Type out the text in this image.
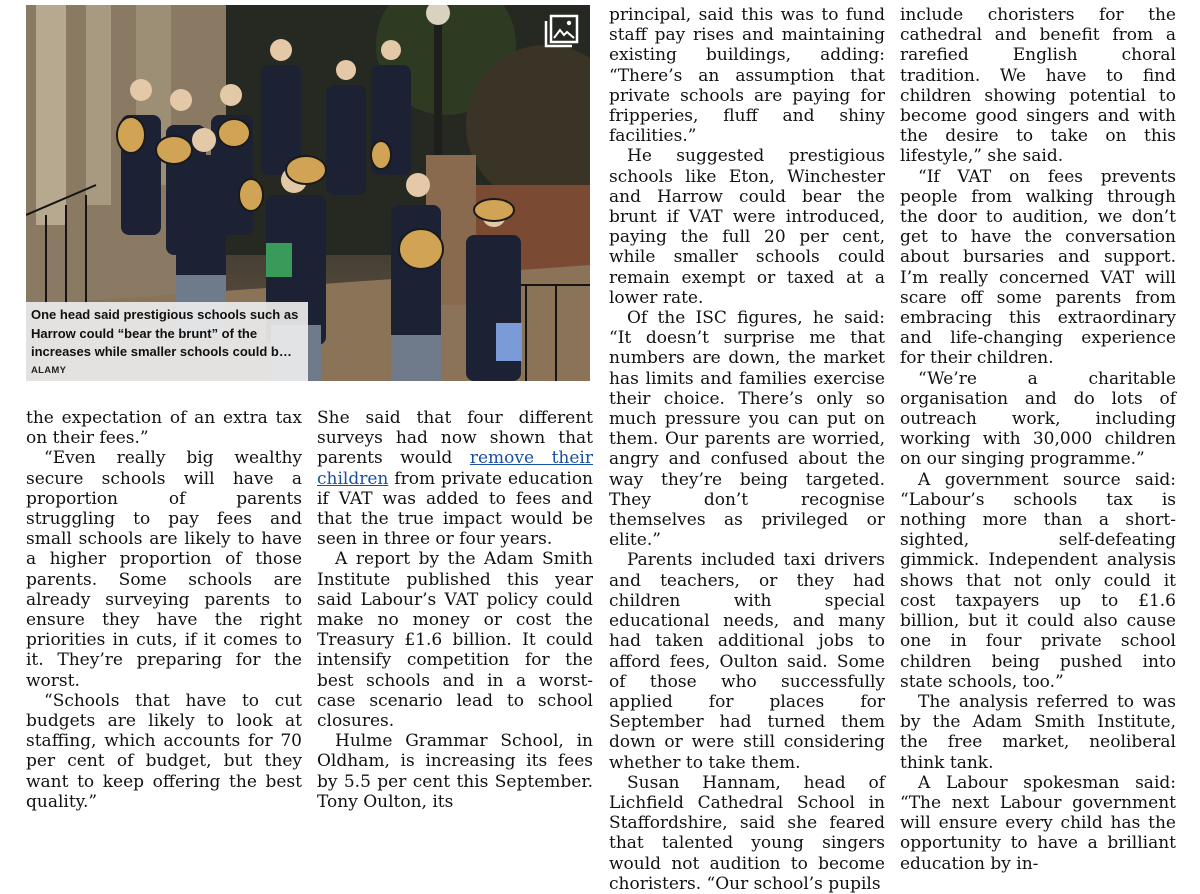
One head said prestigious schools such as Harrow could “bear the brunt” of the increases while smaller schools could b…

ALAMY

the expectation of an extra tax on their fees.”

“Even really big wealthy secure schools will have a proportion of parents struggling to pay fees and small schools are likely to have a higher proportion of those parents. Some schools are already surveying parents to ensure they have the right priorities in cuts, if it comes to it. They’re preparing for the worst.

“Schools that have to cut budgets are likely to look at staffing, which accounts for 70 per cent of budget, but they want to keep offering the best quality.”

She said that four different surveys had now shown that parents would remove their children from private education if VAT was added to fees and that the true impact would be seen in three or four years.

A report by the Adam Smith Institute published this year said Labour’s VAT policy could make no money or cost the Treasury £1.6 billion. It could intensify competition for the best schools and in a worst-case scenario lead to school closures.

Hulme Grammar School, in Oldham, is increasing its fees by 5.5 per cent this September. Tony Oulton, its

principal, said this was to fund staff pay rises and maintaining existing buildings, adding: “There’s an assumption that private schools are paying for fripperies, fluff and shiny facilities.”

He suggested prestigious schools like Eton, Winchester and Harrow could bear the brunt if VAT were introduced, paying the full 20 per cent, while smaller schools could remain exempt or taxed at a lower rate.

Of the ISC figures, he said: “It doesn’t surprise me that numbers are down, the market has limits and families exercise their choice. There’s only so much pressure you can put on them. Our parents are worried, angry and confused about the way they’re being targeted. They don’t recognise themselves as privileged or elite.”

Parents included taxi drivers and teachers, or they had children with special educational needs, and many had taken additional jobs to afford fees, Oulton said. Some of those who successfully applied for places for September had turned them down or were still considering whether to take them.

Susan Hannam, head of Lichfield Cathedral School in Staffordshire, said she feared that talented young singers would not audition to become choristers. “Our school’s pupils

include choristers for the cathedral and benefit from a rarefied English choral tradition. We have to find children showing potential to become good singers and with the desire to take on this lifestyle,” she said.

“If VAT on fees prevents people from walking through the door to audition, we don’t get to have the conversation about bursaries and support. I’m really concerned VAT will scare off some parents from embracing this extraordinary and life-changing experience for their children.

“We’re a charitable organisation and do lots of outreach work, including working with 30,000 children on our singing programme.”

A government source said: “Labour’s schools tax is nothing more than a short-sighted, self-defeating gimmick. Independent analysis shows that not only could it cost taxpayers up to £1.6 billion, but it could also cause one in four private school children being pushed into state schools, too.”

The analysis referred to was by the Adam Smith Institute, the free market, neoliberal think tank.

A Labour spokesman said: “The next Labour government will ensure every child has the opportunity to have a brilliant education by in-
